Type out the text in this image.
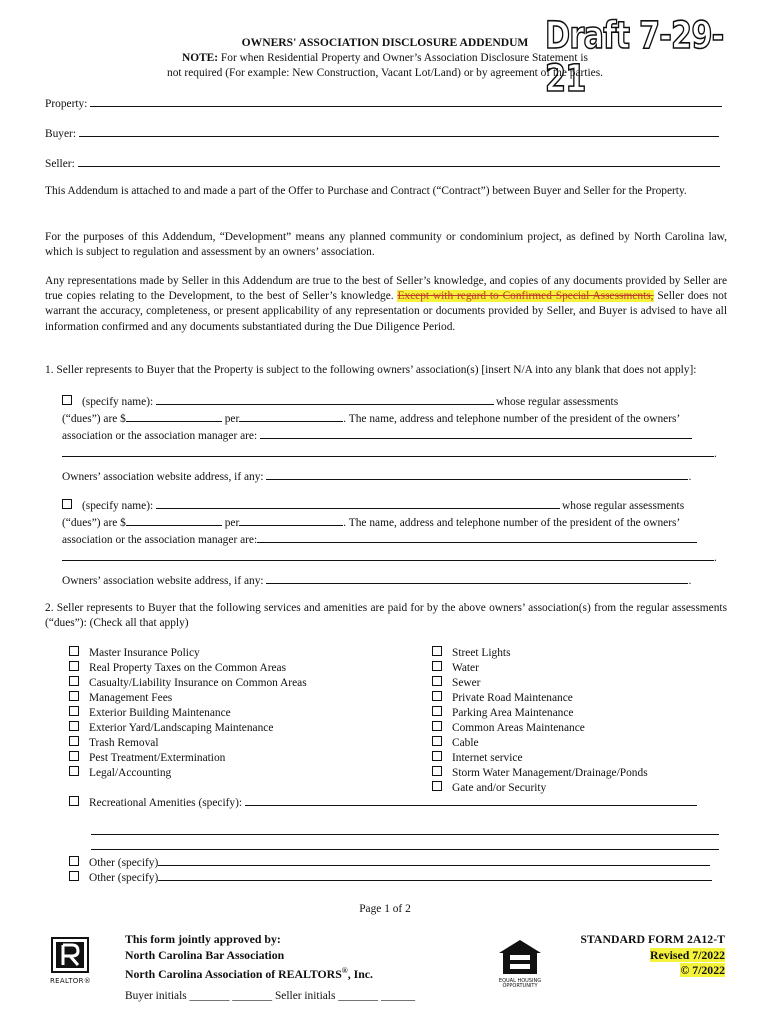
OWNERS' ASSOCIATION DISCLOSURE ADDENDUM Draft 7-29-21
NOTE: For when Residential Property and Owner’s Association Disclosure Statement is
not required (For example: New Construction, Vacant Lot/Land) or by agreement of the parties.
Property:
Buyer:
Seller:
This Addendum is attached to and made a part of the Offer to Purchase and Contract (“Contract”) between Buyer and Seller for the Property.
For the purposes of this Addendum, “Development” means any planned community or condominium project, as defined by North Carolina law, which is subject to regulation and assessment by an owners’ association.
Any representations made by Seller in this Addendum are true to the best of Seller’s knowledge, and copies of any documents provided by Seller are true copies relating to the Development, to the best of Seller’s knowledge. Except with regard to Confirmed Special Assessments, Seller does not warrant the accuracy, completeness, or present applicability of any representation or documents provided by Seller, and Buyer is advised to have all information confirmed and any documents substantiated during the Due Diligence Period.
1. Seller represents to Buyer that the Property is subject to the following owners’ association(s) [insert N/A into any blank that does not apply]:
(specify name):	whose regular assessments
(“dues”) are $	per	. The name, address and telephone number of the president of the owners’
association or the association manager are:
.
Owners’ association website address, if any:	.
(specify name):	whose regular assessments
(“dues”) are $	per	. The name, address and telephone number of the president of the owners’
association or the association manager are:
.
Owners’ association website address, if any:	.
2. Seller represents to Buyer that the following services and amenities are paid for by the above owners’ association(s) from the regular assessments (“dues”): (Check all that apply)
Master Insurance Policy
Real Property Taxes on the Common Areas
Casualty/Liability Insurance on Common Areas
Management Fees
Exterior Building Maintenance
Exterior Yard/Landscaping Maintenance
Trash Removal
Pest Treatment/Extermination
Legal/Accounting
Street Lights
Water
Sewer
Private Road Maintenance
Parking Area Maintenance
Common Areas Maintenance
Cable
Internet service
Storm Water Management/Drainage/Ponds
Gate and/or Security
Recreational Amenities (specify):
Other (specify)
Other (specify)
Page 1 of 2
REALTOR®
This form jointly approved by:
North Carolina Bar Association
North Carolina Association of REALTORS®, Inc.
EQUAL HOUSING OPPORTUNITY
STANDARD FORM 2A12-T
Revised 7/2022
© 7/2022
Buyer initials _______ _______ Seller initials _______ ______
